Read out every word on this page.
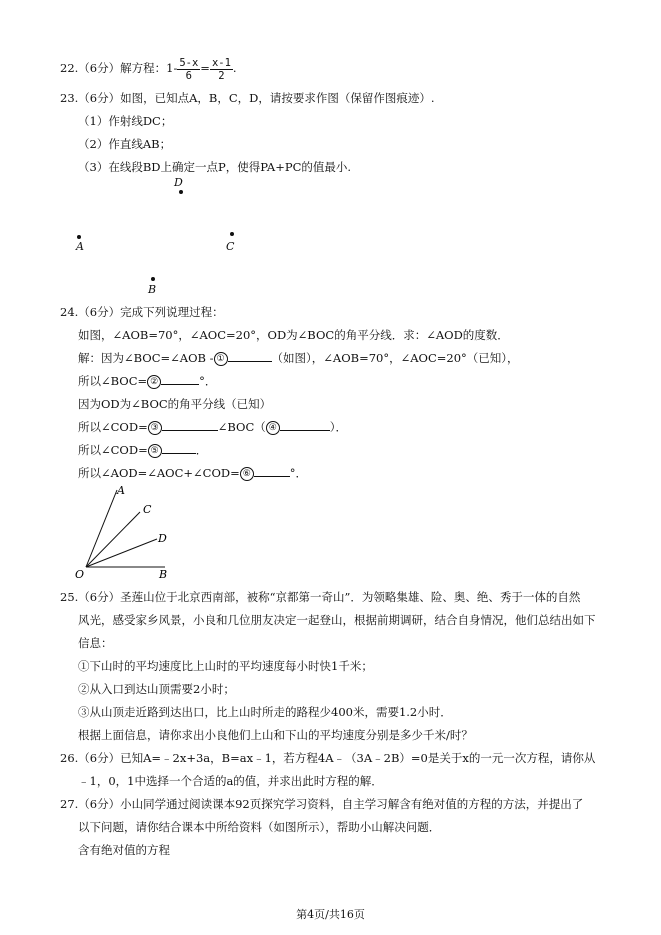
22.（6分）解方程：$1- \frac{5-x}{6} = \frac{x-1}{2}$ .
23.（6分）如图，已知点A，B，C，D，请按要求作图（保留作图痕迹）.
（1）作射线DC；
（2）作直线AB；
（3）在线段BD上确定一点P，使得PA+PC的值最小.
D
A	C
B
24.（6分）完成下列说理过程：
如图，∠AOB=70°，∠AOC=20°，OD为∠BOC的角平分线．求：∠AOD的度数．
解：因为∠BOC=∠AOB - ①	（如图），∠AOB=70°，∠AOC=20°（已知），
所以∠BOC= ②	°．
因为OD为∠BOC的角平分线（已知）
所以∠COD= ③	∠BOC（ ④	）．
所以∠COD= ⑤	．
所以∠AOD=∠AOC+∠COD= ⑥	°．
A
C
D
B
O
25.（6分）圣莲山位于北京西南部，被称“京都第一奇山”．为领略集雄、险、奥、绝、秀于一体的自然
风光，感受家乡风景，小良和几位朋友决定一起登山，根据前期调研，结合自身情况，他们总结出如下
信息：
①下山时的平均速度比上山时的平均速度每小时快1千米；
②从入口到达山顶需要2小时；
③从山顶走近路到达出口，比上山时所走的路程少400米，需要1.2小时．
根据上面信息，请你求出小良他们上山和下山的平均速度分别是多少千米/时？
26.（6分）已知A=﹣2x+3a，B=ax﹣1，若方程4A﹣（3A﹣2B）=0是关于x的一元一次方程，请你从
﹣1，0，1中选择一个合适的a的值，并求出此时方程的解．
27.（6分）小山同学通过阅读课本92页探究学习资料，自主学习解含有绝对值的方程的方法，并提出了
以下问题，请你结合课本中所给资料（如图所示），帮助小山解决问题．
含有绝对值的方程
第4页/共16页
